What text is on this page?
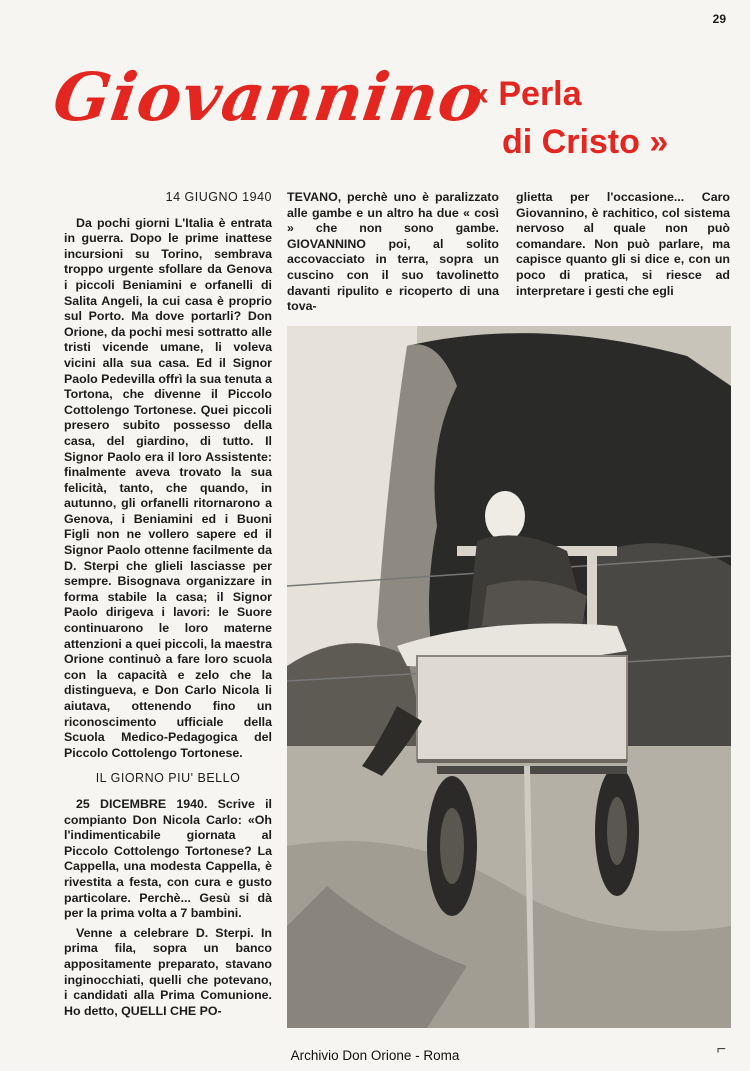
29
Giovannino
« Perla
di Cristo »
14 GIUGNO 1940

Da pochi giorni L'Italia è entrata in guerra. Dopo le prime inattese incursioni su Torino, sembrava troppo urgente sfollare da Genova i piccoli Beniamini e orfanelli di Salita Angeli, la cui casa è proprio sul Porto. Ma dove portarli? Don Orione, da pochi mesi sottratto alle tristi vicende umane, li voleva vicini alla sua casa. Ed il Signor Paolo Pedevilla offrì la sua tenuta a Tortona, che divenne il Piccolo Cottolengo Tortonese. Quei piccoli presero subito possesso della casa, del giardino, di tutto. Il Signor Paolo era il loro Assistente: finalmente aveva trovato la sua felicità, tanto, che quando, in autunno, gli orfanelli ritornarono a Genova, i Beniamini ed i Buoni Figli non ne vollero sapere ed il Signor Paolo ottenne facilmente da D. Sterpi che glieli lasciasse per sempre. Bisognava organizzare in forma stabile la casa; il Signor Paolo dirigeva i lavori: le Suore continuarono le loro materne attenzioni a quei piccoli, la maestra Orione continuò a fare loro scuola con la capacità e zelo che la distingueva, e Don Carlo Nicola li aiutava, ottenendo fino un riconoscimento ufficiale della Scuola Medico-Pedagogica del Piccolo Cottolengo Tortonese.

IL GIORNO PIU' BELLO

25 DICEMBRE 1940. Scrive il compianto Don Nicola Carlo: «Oh l'indimenticabile giornata al Piccolo Cottolengo Tortonese? La Cappella, una modesta Cappella, è rivestita a festa, con cura e gusto particolare. Perchè... Gesù si dà per la prima volta a 7 bambini.

Venne a celebrare D. Sterpi. In prima fila, sopra un banco appositamente preparato, stavano inginocchiati, quelli che potevano, i candidati alla Prima Comunione. Ho detto, QUELLI CHE PO-

TEVANO, perchè uno è paralizzato alle gambe e un altro ha due « così » che non sono gambe. GIOVANNINO poi, al solito accovacciato in terra, sopra un cuscino con il suo tavolinetto davanti ripulito e ricoperto di una tova-

glietta per l'occasione... Caro Giovannino, è rachitico, col sistema nervoso al quale non può comandare. Non può parlare, ma capisce quanto gli si dice e, con un poco di pratica, si riesce ad interpretare i gesti che egli

Archivio Don Orione - Roma	⌐
